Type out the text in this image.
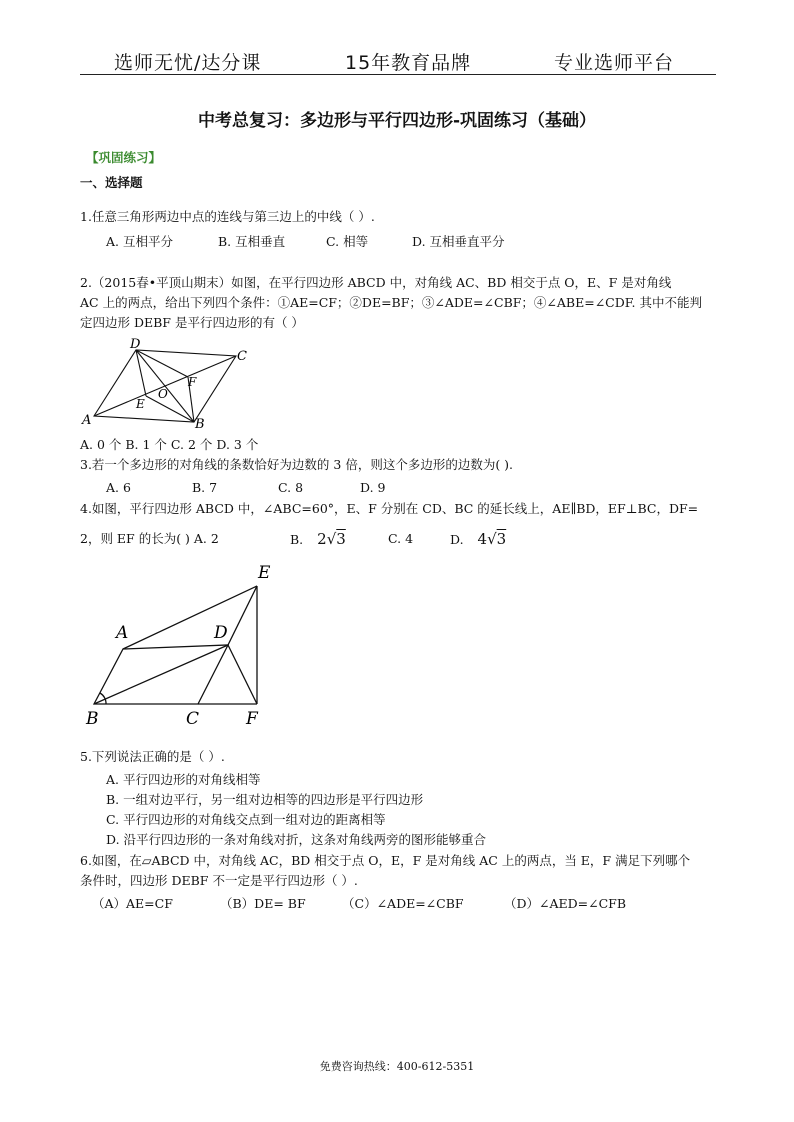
选师无忧/达分课	15年教育品牌	专业选师平台
中考总复习：多边形与平行四边形-巩固练习（基础）
【巩固练习】
一、选择题
1.任意三角形两边中点的连线与第三边上的中线（ ）.
A. 互相平分	B. 互相垂直	C. 相等	D. 互相垂直平分
2.（2015春•平顶山期末）如图，在平行四边形 ABCD 中，对角线 AC、BD 相交于点 O，E、F 是对角线
AC 上的两点，给出下列四个条件：①AE=CF；②DE=BF；③∠ADE=∠CBF；④∠ABE=∠CDF. 其中不能判
定四边形 DEBF 是平行四边形的有（ ）
A	B
C
D
O
E
F
A. 0 个 B. 1 个 C. 2 个 D. 3 个
3.若一个多边形的对角线的条数恰好为边数的 3 倍，则这个多边形的边数为( ).
A. 6	B. 7	C. 8	D. 9
4.如图，平行四边形 ABCD 中，∠ABC=60°，E、F 分别在 CD、BC 的延长线上，AE∥BD，EF⊥BC，DF=
2，则 EF 的长为( ) A. 2	B. 2√3	C. 4	D. 4√3
B
A	D
E
C	F
5.下列说法正确的是（ ）.
A. 平行四边形的对角线相等
B. 一组对边平行，另一组对边相等的四边形是平行四边形
C. 平行四边形的对角线交点到一组对边的距离相等
D. 沿平行四边形的一条对角线对折，这条对角线两旁的图形能够重合
6.如图，在▱ABCD 中，对角线 AC，BD 相交于点 O，E，F 是对角线 AC 上的两点，当 E，F 满足下列哪个
条件时，四边形 DEBF 不一定是平行四边形（ ）.
（A）AE=CF	（B）DE= BF	（C）∠ADE=∠CBF	（D）∠AED=∠CFB
免费咨询热线：400-612-5351
